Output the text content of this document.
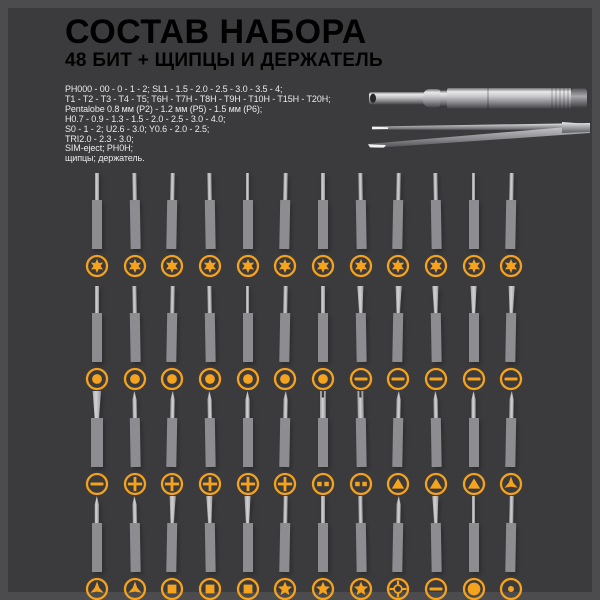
СОСТАВ НАБОРА
48 БИТ + ЩИПЦЫ И ДЕРЖАТЕЛЬ
PH000 - 00 - 0 - 1 - 2; SL1 - 1.5 - 2.0 - 2.5 - 3.0 - 3.5 - 4;
T1 - T2 - T3 - T4 - T5; T6H - T7H - T8H - T9H - T10H - T15H - T20H;
Pentalobe 0.8 мм (P2) - 1.2 мм (P5) - 1.5 мм (P6);
H0.7 - 0.9 - 1.3 - 1.5 - 2.0 - 2.5 - 3.0 - 4.0;
S0 - 1 - 2; U2.6 - 3.0; Y0.6 - 2.0 - 2.5;
TRI2.0 - 2.3 - 3.0;
SIM-eject; PH0H;
щипцы; держатель.
